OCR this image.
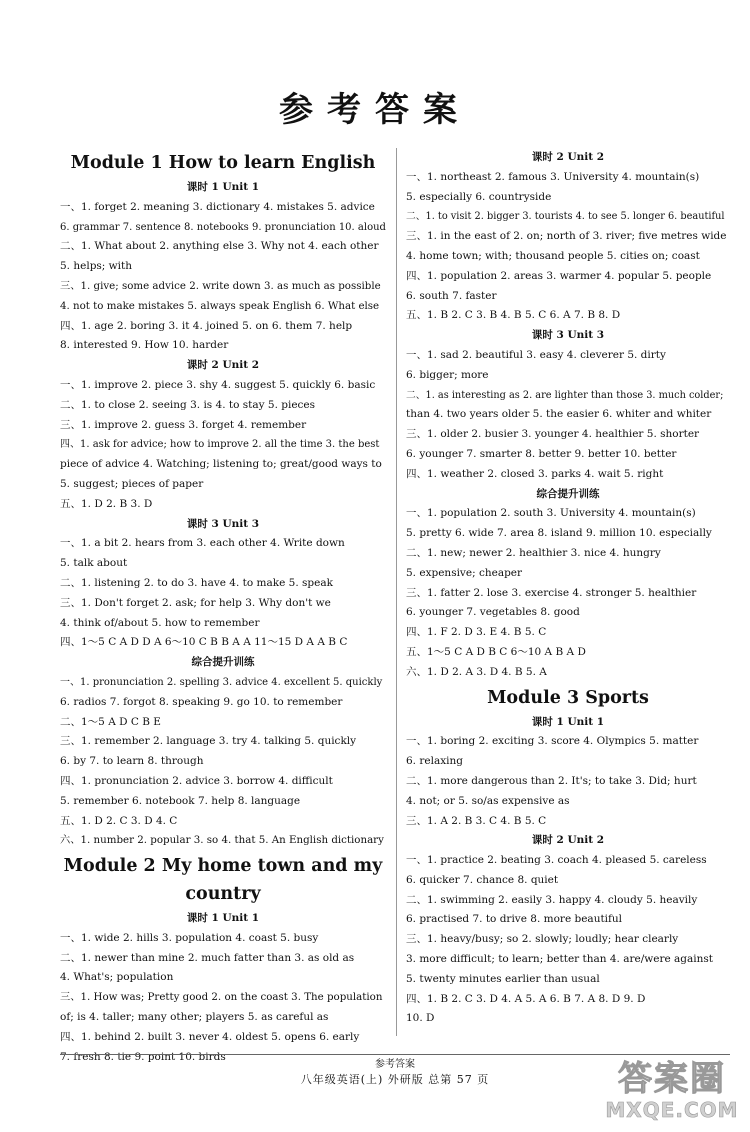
参考答案
Module 1 How to learn English
课时 1 Unit 1
一、1. forget 2. meaning 3. dictionary 4. mistakes 5. advice
6. grammar 7. sentence 8. notebooks 9. pronunciation 10. aloud
二、1. What about 2. anything else 3. Why not 4. each other
5. helps; with
三、1. give; some advice 2. write down 3. as much as possible
4. not to make mistakes 5. always speak English 6. What else
四、1. age 2. boring 3. it 4. joined 5. on 6. them 7. help
8. interested 9. How 10. harder
课时 2 Unit 2
一、1. improve 2. piece 3. shy 4. suggest 5. quickly 6. basic
二、1. to close 2. seeing 3. is 4. to stay 5. pieces
三、1. improve 2. guess 3. forget 4. remember
四、1. ask for advice; how to improve 2. all the time 3. the best
piece of advice 4. Watching; listening to; great/good ways to
5. suggest; pieces of paper
五、1. D 2. B 3. D
课时 3 Unit 3
一、1. a bit 2. hears from 3. each other 4. Write down
5. talk about
二、1. listening 2. to do 3. have 4. to make 5. speak
三、1. Don't forget 2. ask; for help 3. Why don't we
4. think of/about 5. how to remember
四、1～5 C A D D A 6～10 C B B A A 11～15 D A A B C
综合提升训练
一、1. pronunciation 2. spelling 3. advice 4. excellent 5. quickly
6. radios 7. forgot 8. speaking 9. go 10. to remember
二、1～5 A D C B E
三、1. remember 2. language 3. try 4. talking 5. quickly
6. by 7. to learn 8. through
四、1. pronunciation 2. advice 3. borrow 4. difficult
5. remember 6. notebook 7. help 8. language
五、1. D 2. C 3. D 4. C
六、1. number 2. popular 3. so 4. that 5. An English dictionary
Module 2 My home town and my country
课时 1 Unit 1
一、1. wide 2. hills 3. population 4. coast 5. busy
二、1. newer than mine 2. much fatter than 3. as old as
4. What's; population
三、1. How was; Pretty good 2. on the coast 3. The population
of; is 4. taller; many other; players 5. as careful as
四、1. behind 2. built 3. never 4. oldest 5. opens 6. early
7. fresh 8. tie 9. point 10. birds
课时 2 Unit 2
一、1. northeast 2. famous 3. University 4. mountain(s)
5. especially 6. countryside
二、1. to visit 2. bigger 3. tourists 4. to see 5. longer 6. beautiful
三、1. in the east of 2. on; north of 3. river; five metres wide
4. home town; with; thousand people 5. cities on; coast
四、1. population 2. areas 3. warmer 4. popular 5. people
6. south 7. faster
五、1. B 2. C 3. B 4. B 5. C 6. A 7. B 8. D
课时 3 Unit 3
一、1. sad 2. beautiful 3. easy 4. cleverer 5. dirty
6. bigger; more
二、1. as interesting as 2. are lighter than those 3. much colder;
than 4. two years older 5. the easier 6. whiter and whiter
三、1. older 2. busier 3. younger 4. healthier 5. shorter
6. younger 7. smarter 8. better 9. better 10. better
四、1. weather 2. closed 3. parks 4. wait 5. right
综合提升训练
一、1. population 2. south 3. University 4. mountain(s)
5. pretty 6. wide 7. area 8. island 9. million 10. especially
二、1. new; newer 2. healthier 3. nice 4. hungry
5. expensive; cheaper
三、1. fatter 2. lose 3. exercise 4. stronger 5. healthier
6. younger 7. vegetables 8. good
四、1. F 2. D 3. E 4. B 5. C
五、1～5 C A D B C 6～10 A B A D
六、1. D 2. A 3. D 4. B 5. A
Module 3 Sports
课时 1 Unit 1
一、1. boring 2. exciting 3. score 4. Olympics 5. matter
6. relaxing
二、1. more dangerous than 2. It's; to take 3. Did; hurt
4. not; or 5. so/as expensive as
三、1. A 2. B 3. C 4. B 5. C
课时 2 Unit 2
一、1. practice 2. beating 3. coach 4. pleased 5. careless
6. quicker 7. chance 8. quiet
二、1. swimming 2. easily 3. happy 4. cloudy 5. heavily
6. practised 7. to drive 8. more beautiful
三、1. heavy/busy; so 2. slowly; loudly; hear clearly
3. more difficult; to learn; better than 4. are/were against
5. twenty minutes earlier than usual
四、1. B 2. C 3. D 4. A 5. A 6. B 7. A 8. D 9. D
10. D
参考答案
八年级英语(上) 外研版 总第 57 页	答案圈
MXQE.COM
